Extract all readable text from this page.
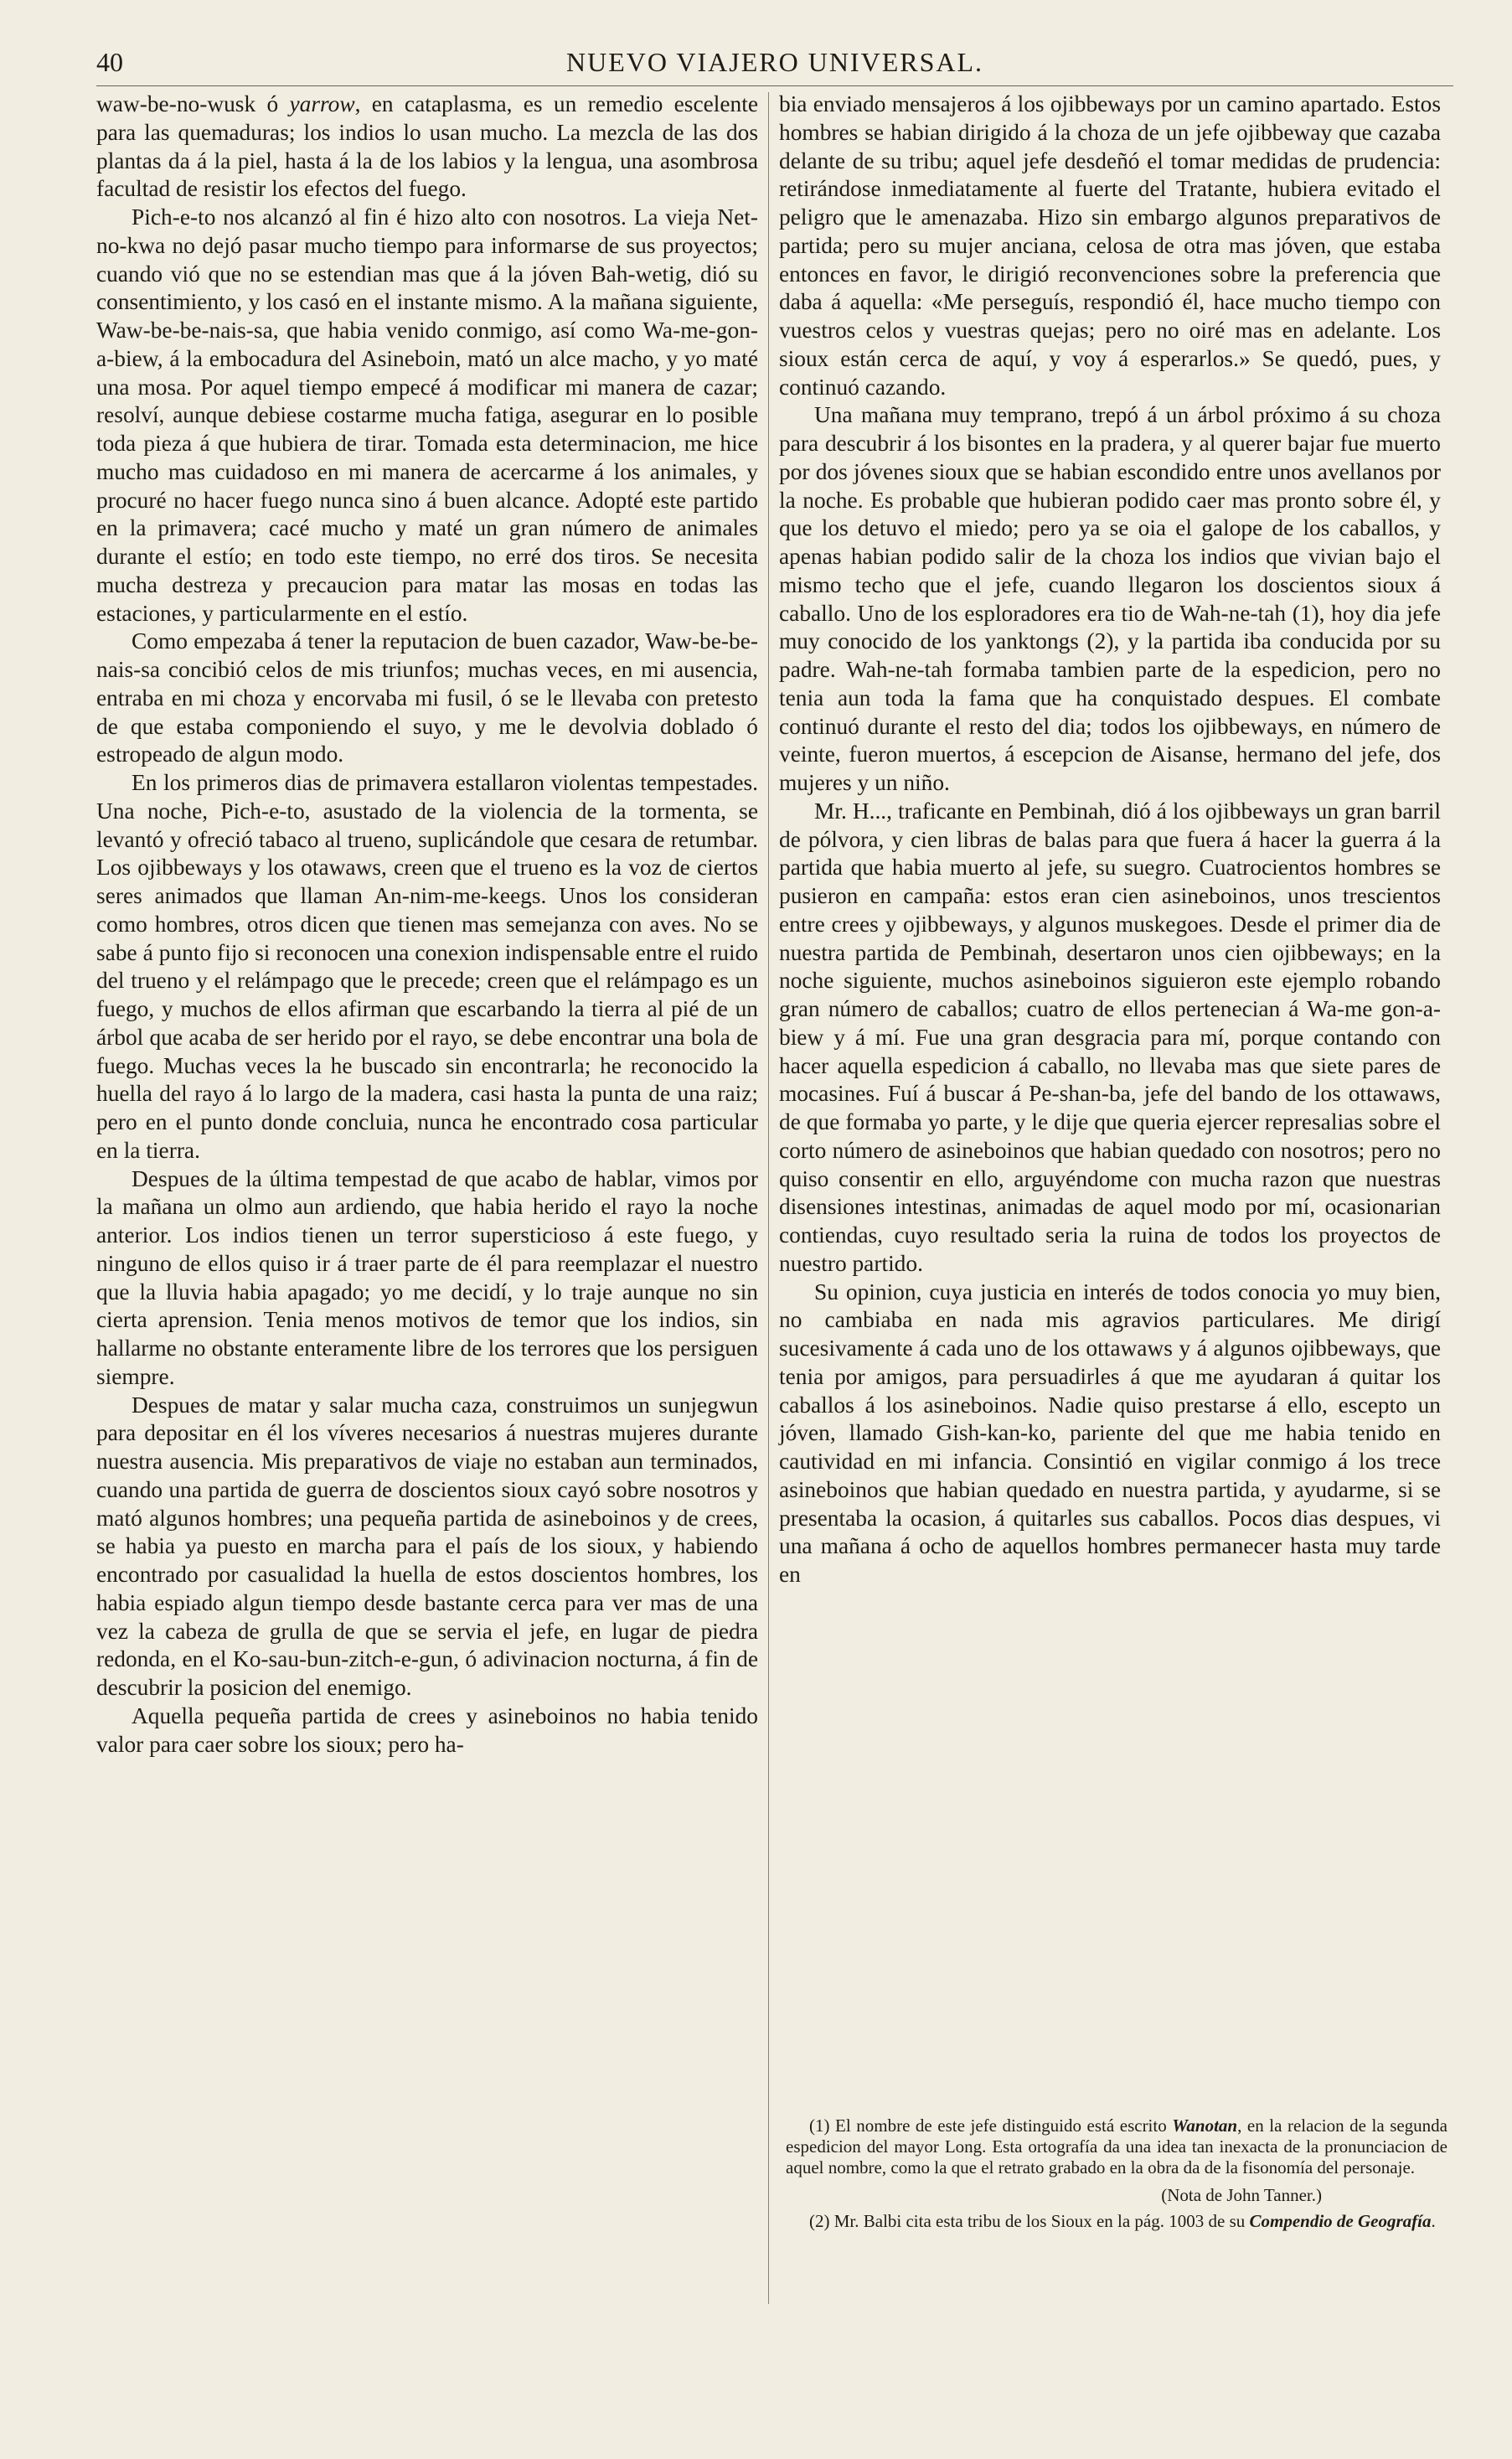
40	NUEVO VIAJERO UNIVERSAL.

waw-be-no-wusk ó yarrow, en cataplasma, es un remedio escelente para las quemaduras; los indios lo usan mucho. La mezcla de las dos plantas da á la piel, hasta á la de los labios y la lengua, una asombrosa facultad de resistir los efectos del fuego.

Pich-e-to nos alcanzó al fin é hizo alto con nosotros. La vieja Net-no-kwa no dejó pasar mucho tiempo para informarse de sus proyectos; cuando vió que no se estendian mas que á la jóven Bah-wetig, dió su consentimiento, y los casó en el instante mismo. A la mañana siguiente, Waw-be-be-nais-sa, que habia venido conmigo, así como Wa-me-gon-a-biew, á la embocadura del Asineboin, mató un alce macho, y yo maté una mosa. Por aquel tiempo empecé á modificar mi manera de cazar; resolví, aunque debiese costarme mucha fatiga, asegurar en lo posible toda pieza á que hubiera de tirar. Tomada esta determinacion, me hice mucho mas cuidadoso en mi manera de acercarme á los animales, y procuré no hacer fuego nunca sino á buen alcance. Adopté este partido en la primavera; cacé mucho y maté un gran número de animales durante el estío; en todo este tiempo, no erré dos tiros. Se necesita mucha destreza y precaucion para matar las mosas en todas las estaciones, y particularmente en el estío.

Como empezaba á tener la reputacion de buen cazador, Waw-be-be-nais-sa concibió celos de mis triunfos; muchas veces, en mi ausencia, entraba en mi choza y encorvaba mi fusil, ó se le llevaba con pretesto de que estaba componiendo el suyo, y me le devolvia doblado ó estropeado de algun modo.

En los primeros dias de primavera estallaron violentas tempestades. Una noche, Pich-e-to, asustado de la violencia de la tormenta, se levantó y ofreció tabaco al trueno, suplicándole que cesara de retumbar. Los ojibbeways y los otawaws, creen que el trueno es la voz de ciertos seres animados que llaman An-nim-me-keegs. Unos los consideran como hombres, otros dicen que tienen mas semejanza con aves. No se sabe á punto fijo si reconocen una conexion indispensable entre el ruido del trueno y el relámpago que le precede; creen que el relámpago es un fuego, y muchos de ellos afirman que escarbando la tierra al pié de un árbol que acaba de ser herido por el rayo, se debe encontrar una bola de fuego. Muchas veces la he buscado sin encontrarla; he reconocido la huella del rayo á lo largo de la madera, casi hasta la punta de una raiz; pero en el punto donde concluia, nunca he encontrado cosa particular en la tierra.

Despues de la última tempestad de que acabo de hablar, vimos por la mañana un olmo aun ardiendo, que habia herido el rayo la noche anterior. Los indios tienen un terror supersticioso á este fuego, y ninguno de ellos quiso ir á traer parte de él para reemplazar el nuestro que la lluvia habia apagado; yo me decidí, y lo traje aunque no sin cierta aprension. Tenia menos motivos de temor que los indios, sin hallarme no obstante enteramente libre de los terrores que los persiguen siempre.

Despues de matar y salar mucha caza, construimos un sunjegwun para depositar en él los víveres necesarios á nuestras mujeres durante nuestra ausencia. Mis preparativos de viaje no estaban aun terminados, cuando una partida de guerra de doscientos sioux cayó sobre nosotros y mató algunos hombres; una pequeña partida de asineboinos y de crees, se habia ya puesto en marcha para el país de los sioux, y habiendo encontrado por casualidad la huella de estos doscientos hombres, los habia espiado algun tiempo desde bastante cerca para ver mas de una vez la cabeza de grulla de que se servia el jefe, en lugar de piedra redonda, en el Ko-sau-bun-zitch-e-gun, ó adivinacion nocturna, á fin de descubrir la posicion del enemigo.

Aquella pequeña partida de crees y asineboinos no habia tenido valor para caer sobre los sioux; pero ha-

bia enviado mensajeros á los ojibbeways por un camino apartado. Estos hombres se habian dirigido á la choza de un jefe ojibbeway que cazaba delante de su tribu; aquel jefe desdeñó el tomar medidas de prudencia: retirándose inmediatamente al fuerte del Tratante, hubiera evitado el peligro que le amenazaba. Hizo sin embargo algunos preparativos de partida; pero su mujer anciana, celosa de otra mas jóven, que estaba entonces en favor, le dirigió reconvenciones sobre la preferencia que daba á aquella: «Me perseguís, respondió él, hace mucho tiempo con vuestros celos y vuestras quejas; pero no oiré mas en adelante. Los sioux están cerca de aquí, y voy á esperarlos.» Se quedó, pues, y continuó cazando.

Una mañana muy temprano, trepó á un árbol próximo á su choza para descubrir á los bisontes en la pradera, y al querer bajar fue muerto por dos jóvenes sioux que se habian escondido entre unos avellanos por la noche. Es probable que hubieran podido caer mas pronto sobre él, y que los detuvo el miedo; pero ya se oia el galope de los caballos, y apenas habian podido salir de la choza los indios que vivian bajo el mismo techo que el jefe, cuando llegaron los doscientos sioux á caballo. Uno de los esploradores era tio de Wah-ne-tah (1), hoy dia jefe muy conocido de los yanktongs (2), y la partida iba conducida por su padre. Wah-ne-tah formaba tambien parte de la espedicion, pero no tenia aun toda la fama que ha conquistado despues. El combate continuó durante el resto del dia; todos los ojibbeways, en número de veinte, fueron muertos, á escepcion de Aisanse, hermano del jefe, dos mujeres y un niño.

Mr. H..., traficante en Pembinah, dió á los ojibbeways un gran barril de pólvora, y cien libras de balas para que fuera á hacer la guerra á la partida que habia muerto al jefe, su suegro. Cuatrocientos hombres se pusieron en campaña: estos eran cien asineboinos, unos trescientos entre crees y ojibbeways, y algunos muskegoes. Desde el primer dia de nuestra partida de Pembinah, desertaron unos cien ojibbeways; en la noche siguiente, muchos asineboinos siguieron este ejemplo robando gran número de caballos; cuatro de ellos pertenecian á Wa-me gon-a-biew y á mí. Fue una gran desgracia para mí, porque contando con hacer aquella espedicion á caballo, no llevaba mas que siete pares de mocasines. Fuí á buscar á Pe-shan-ba, jefe del bando de los ottawaws, de que formaba yo parte, y le dije que queria ejercer represalias sobre el corto número de asineboinos que habian quedado con nosotros; pero no quiso consentir en ello, arguyéndome con mucha razon que nuestras disensiones intestinas, animadas de aquel modo por mí, ocasionarian contiendas, cuyo resultado seria la ruina de todos los proyectos de nuestro partido.

Su opinion, cuya justicia en interés de todos conocia yo muy bien, no cambiaba en nada mis agravios particulares. Me dirigí sucesivamente á cada uno de los ottawaws y á algunos ojibbeways, que tenia por amigos, para persuadirles á que me ayudaran á quitar los caballos á los asineboinos. Nadie quiso prestarse á ello, escepto un jóven, llamado Gish-kan-ko, pariente del que me habia tenido en cautividad en mi infancia. Consintió en vigilar conmigo á los trece asineboinos que habian quedado en nuestra partida, y ayudarme, si se presentaba la ocasion, á quitarles sus caballos. Pocos dias despues, vi una mañana á ocho de aquellos hombres permanecer hasta muy tarde en

(1) El nombre de este jefe distinguido está escrito Wanotan, en la relacion de la segunda espedicion del mayor Long. Esta ortografía da una idea tan inexacta de la pronunciacion de aquel nombre, como la que el retrato grabado en la obra da de la fisonomía del personaje.

(Nota de John Tanner.)

(2) Mr. Balbi cita esta tribu de los Sioux en la pág. 1003 de su Compendio de Geografía.
